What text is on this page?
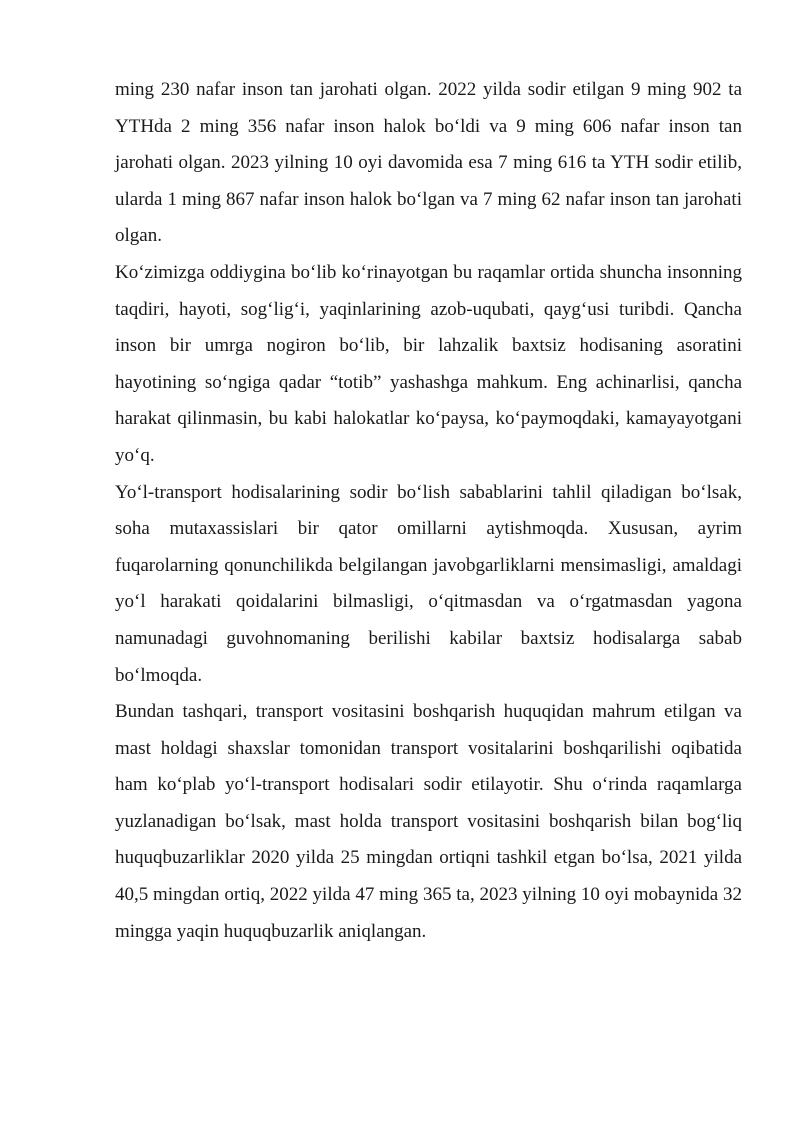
ming 230 nafar inson tan jarohati olgan. 2022 yilda sodir etilgan 9 ming 902 ta YTHda 2 ming 356 nafar inson halok bo‘ldi va 9 ming 606 nafar inson tan jarohati olgan. 2023 yilning 10 oyi davomida esa 7 ming 616 ta YTH sodir etilib, ularda 1 ming 867 nafar inson halok bo‘lgan va 7 ming 62 nafar inson tan jarohati olgan.

Ko‘zimizga oddiygina bo‘lib ko‘rinayotgan bu raqamlar ortida shuncha insonning taqdiri, hayoti, sog‘lig‘i, yaqinlarining azob-uqubati, qayg‘usi turibdi. Qancha inson bir umrga nogiron bo‘lib, bir lahzalik baxtsiz hodisaning asoratini hayotining so‘ngiga qadar “totib” yashashga mahkum. Eng achinarlisi, qancha harakat qilinmasin, bu kabi halokatlar ko‘paysa, ko‘paymoqdaki, kamayayotgani yo‘q.

Yo‘l-transport hodisalarining sodir bo‘lish sabablarini tahlil qiladigan bo‘lsak, soha mutaxassislari bir qator omillarni aytishmoqda. Xususan, ayrim fuqarolarning qonunchilikda belgilangan javobgarliklarni mensimasligi, amaldagi yo‘l harakati qoidalarini bilmasligi, o‘qitmasdan va o‘rgatmasdan yagona namunadagi guvohnomaning berilishi kabilar baxtsiz hodisalarga sabab bo‘lmoqda.

Bundan tashqari, transport vositasini boshqarish huquqidan mahrum etilgan va mast holdagi shaxslar tomonidan transport vositalarini boshqarilishi oqibatida ham ko‘plab yo‘l-transport hodisalari sodir etilayotir. Shu o‘rinda raqamlarga yuzlanadigan bo‘lsak, mast holda transport vositasini boshqarish bilan bog‘liq huquqbuzarliklar 2020 yilda 25 mingdan ortiqni tashkil etgan bo‘lsa, 2021 yilda 40,5 mingdan ortiq, 2022 yilda 47 ming 365 ta, 2023 yilning 10 oyi mobaynida 32 mingga yaqin huquqbuzarlik aniqlangan.
